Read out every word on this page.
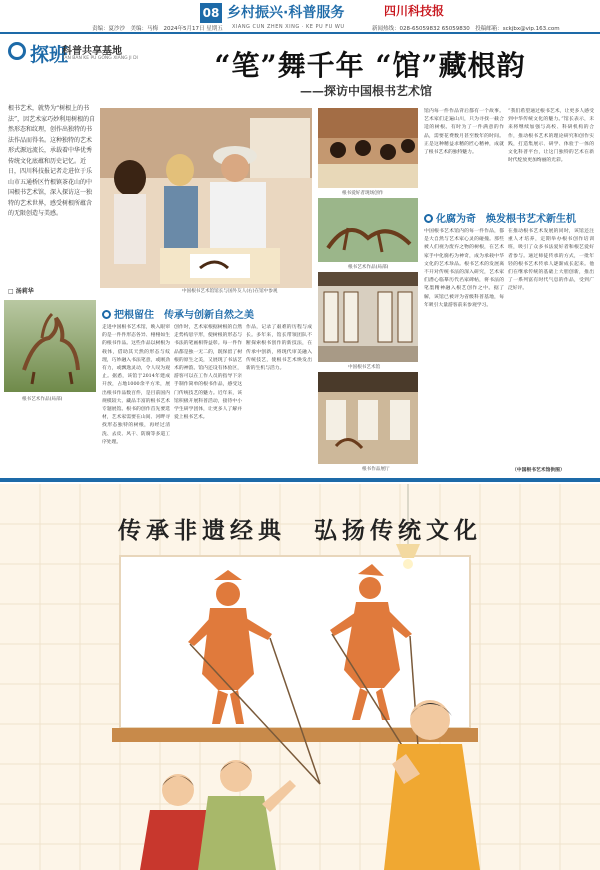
08 乡村振兴·科普服务	四川科技报
责编：夏沙沙　美编：马梅　2024年5月17日 星期五 XIANG CUN ZHEN XING · KE PU FU WU	新闻热线：028-65059832 65059830　投稿邮箱：sckjbx@vip.163.com
探班
科普共享基地
TAN BAN KE PU GONG XIANG JI DI	“笔”舞千年 “馆”藏根韵
——探访中国根书艺术馆
根书艺术，就势为“树根上的书法”，因艺术家巧妙利用树根的自然形态和纹理，创作出独特的书法作品而得名。这种独特的艺术形式源远流长，承载着中华优秀传统文化底蕴和历史记忆。近日，四川科技报记者走进位于乐山市五通桥区竹根镇茶花山的中国根书艺术馆，深入探访这一独特的艺术世界，感受树根所蕴含的无限创造与美感。
□ 汤莉华
根书艺术作品(局部)
中国根书艺术馆馆长与国外友人(右)在馆中参观
根书爱好者现场创作
根书艺术作品(局部)
中国根书艺术馆
根书作品展厅
把根留住　传承与创新自然之美
走进中国根书艺术馆，映入眼帘的是一件件形态各异、栩栩如生的根书作品。这些作品以树根为载体，借助其天然的形态与纹理，巧妙融入书法笔意，或刚劲有力，或飘逸灵动，令人叹为观止。据悉，该馆于2014年建成开放，占地1000余平方米，展出根书作品数百件，是目前国内规模较大、藏品丰富的根书艺术专题展馆。根书的创作首先要选材，艺术家需要在山间、河畔寻找形态独特的树根，再经过清洗、去皮、风干、防腐等多道工序处理。
创作时，艺术家根据树根的自然走势构思字形，使树根的形态与书法的笔画相得益彰。每一件作品都是独一无二的，既保留了树根的原生之美，又展现了书法艺术的神韵。馆内还设有体验区，游客可以在工作人员的指导下亲手制作简单的根书作品，感受这门传统技艺的魅力。近年来，该馆积极开展科普活动，接待中小学生研学团体，让更多人了解并爱上根书艺术。
作品，记录了艰难的历程与成长。多年来，馆长带领团队不断探索根书创作的新技法，在传承中创新，将现代审美融入传统技艺，使根书艺术焕发出新的生机与活力。
馆内每一件作品背后都有一个故事。艺术家们走遍山川，只为寻找一截合适的树根。有时为了一件满意的作品，需要花费数月甚至数年的时间。正是这种精益求精的匠心精神，成就了根书艺术的独特魅力。
“我们希望通过根书艺术，让更多人感受到中华传统文化的魅力。”馆长表示，未来将继续加强与高校、科研机构的合作，推动根书艺术的理论研究和创作实践，打造集展示、研学、体验于一体的文化科普平台，让这门独特的艺术在新时代绽放更加绚丽的光彩。
化腐为奇　焕发根书艺术新生机
中国根书艺术馆内的每一件作品，都是大自然与艺术家心灵的碰撞。那些被人们视为废弃之物的树根，在艺术家手中化腐朽为神奇，成为承载中华文化的艺术珍品。根书艺术的发展离不开对传统书法的深入研究，艺术家们潜心临摹历代名家碑帖，将书法的笔墨精神融入根艺创作之中。据了解，该馆已被评为省级科普基地，每年吸引大量游客前来参观学习。
在推动根书艺术发展的同时，该馆还注重人才培养，定期举办根书创作培训班，吸引了众多书法爱好者和根艺爱好者参与。通过师徒传承的方式，一批年轻的根书艺术传承人逐渐成长起来。他们在继承传统的基础上大胆创新，推出了一系列富有时代气息的作品，受到广泛好评。
（中国根书艺术馆供图）
传承非遗经典　弘扬传统文化
